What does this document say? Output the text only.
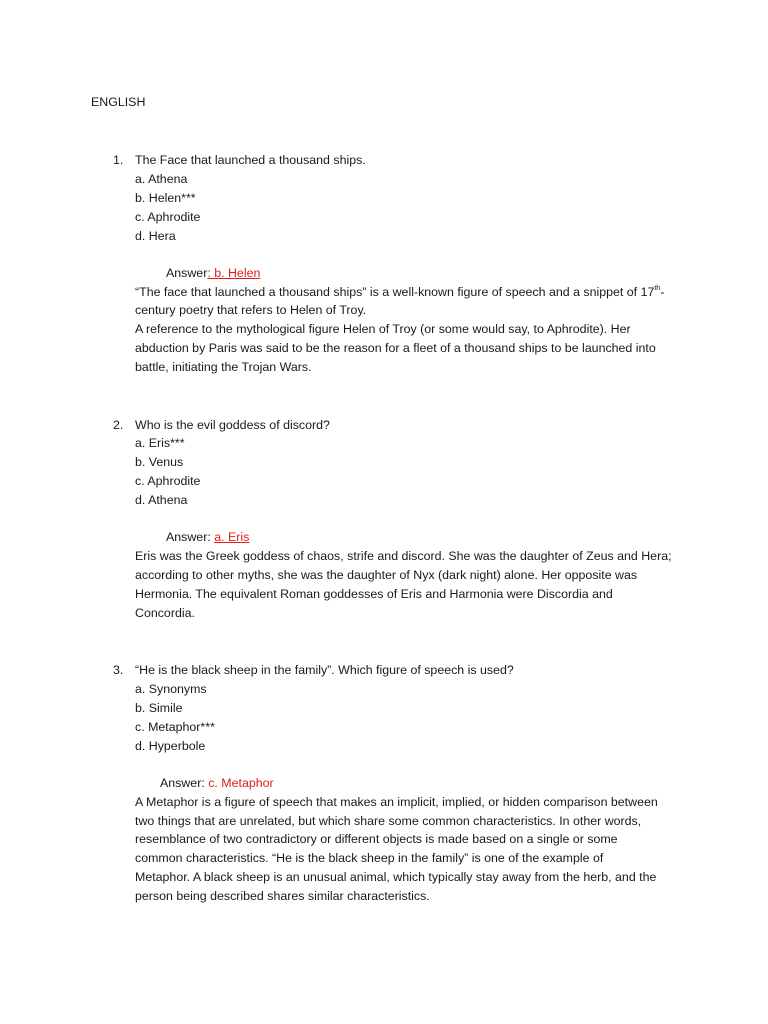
ENGLISH
1. The Face that launched a thousand ships.
a. Athena
b. Helen***
c. Aphrodite
d. Hera
Answer: b. Helen
“The face that launched a thousand ships” is a well-known figure of speech and a snippet of 17th-
century poetry that refers to Helen of Troy.
A reference to the mythological figure Helen of Troy (or some would say, to Aphrodite). Her
abduction by Paris was said to be the reason for a fleet of a thousand ships to be launched into
battle, initiating the Trojan Wars.
2. Who is the evil goddess of discord?
a. Eris***
b. Venus
c. Aphrodite
d. Athena
Answer: a. Eris
Eris was the Greek goddess of chaos, strife and discord. She was the daughter of Zeus and Hera;
according to other myths, she was the daughter of Nyx (dark night) alone. Her opposite was
Hermonia. The equivalent Roman goddesses of Eris and Harmonia were Discordia and
Concordia.
3. “He is the black sheep in the family”. Which figure of speech is used?
a. Synonyms
b. Simile
c. Metaphor***
d. Hyperbole
Answer: c. Metaphor
A Metaphor is a figure of speech that makes an implicit, implied, or hidden comparison between
two things that are unrelated, but which share some common characteristics. In other words,
resemblance of two contradictory or different objects is made based on a single or some
common characteristics. “He is the black sheep in the family” is one of the example of
Metaphor. A black sheep is an unusual animal, which typically stay away from the herb, and the
person being described shares similar characteristics.
